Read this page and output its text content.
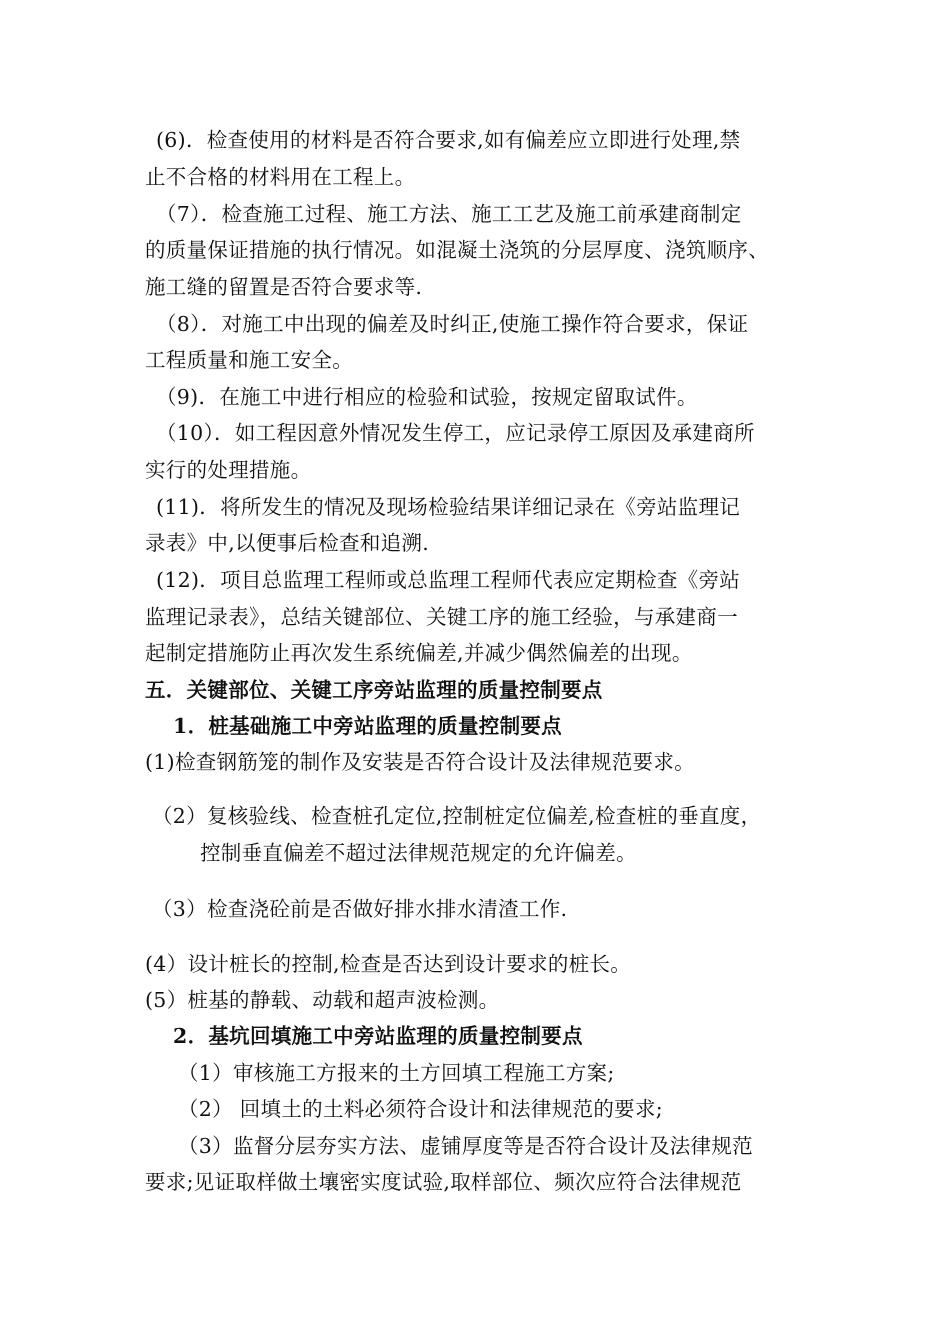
(6)．检查使用的材料是否符合要求,如有偏差应立即进行处理,禁
止不合格的材料用在工程上。
（7）．检查施工过程、施工方法、施工工艺及施工前承建商制定
的质量保证措施的执行情况。如混凝土浇筑的分层厚度、浇筑顺序、
施工缝的留置是否符合要求等.
（8）．对施工中出现的偏差及时纠正,使施工操作符合要求，保证
工程质量和施工安全。
（9)．在施工中进行相应的检验和试验，按规定留取试件。
（10）．如工程因意外情况发生停工，应记录停工原因及承建商所
实行的处理措施。
(11)．将所发生的情况及现场检验结果详细记录在《旁站监理记
录表》中,以便事后检查和追溯.
(12)．项目总监理工程师或总监理工程师代表应定期检查《旁站
监理记录表》，总结关键部位、关键工序的施工经验，与承建商一
起制定措施防止再次发生系统偏差,并减少偶然偏差的出现。
五．关键部位、关键工序旁站监理的质量控制要点
1．桩基础施工中旁站监理的质量控制要点
(1)检查钢筋笼的制作及安装是否符合设计及法律规范要求。
（2）复核验线、检查桩孔定位,控制桩定位偏差,检查桩的垂直度，
控制垂直偏差不超过法律规范规定的允许偏差。
（3）检查浇砼前是否做好排水排水清渣工作.
(4）设计桩长的控制,检查是否达到设计要求的桩长。
(5）桩基的静载、动载和超声波检测。
2．基坑回填施工中旁站监理的质量控制要点
（1）审核施工方报来的土方回填工程施工方案;
（2） 回填土的土料必须符合设计和法律规范的要求;
（3）监督分层夯实方法、虚铺厚度等是否符合设计及法律规范
要求;见证取样做土壤密实度试验,取样部位、频次应符合法律规范
